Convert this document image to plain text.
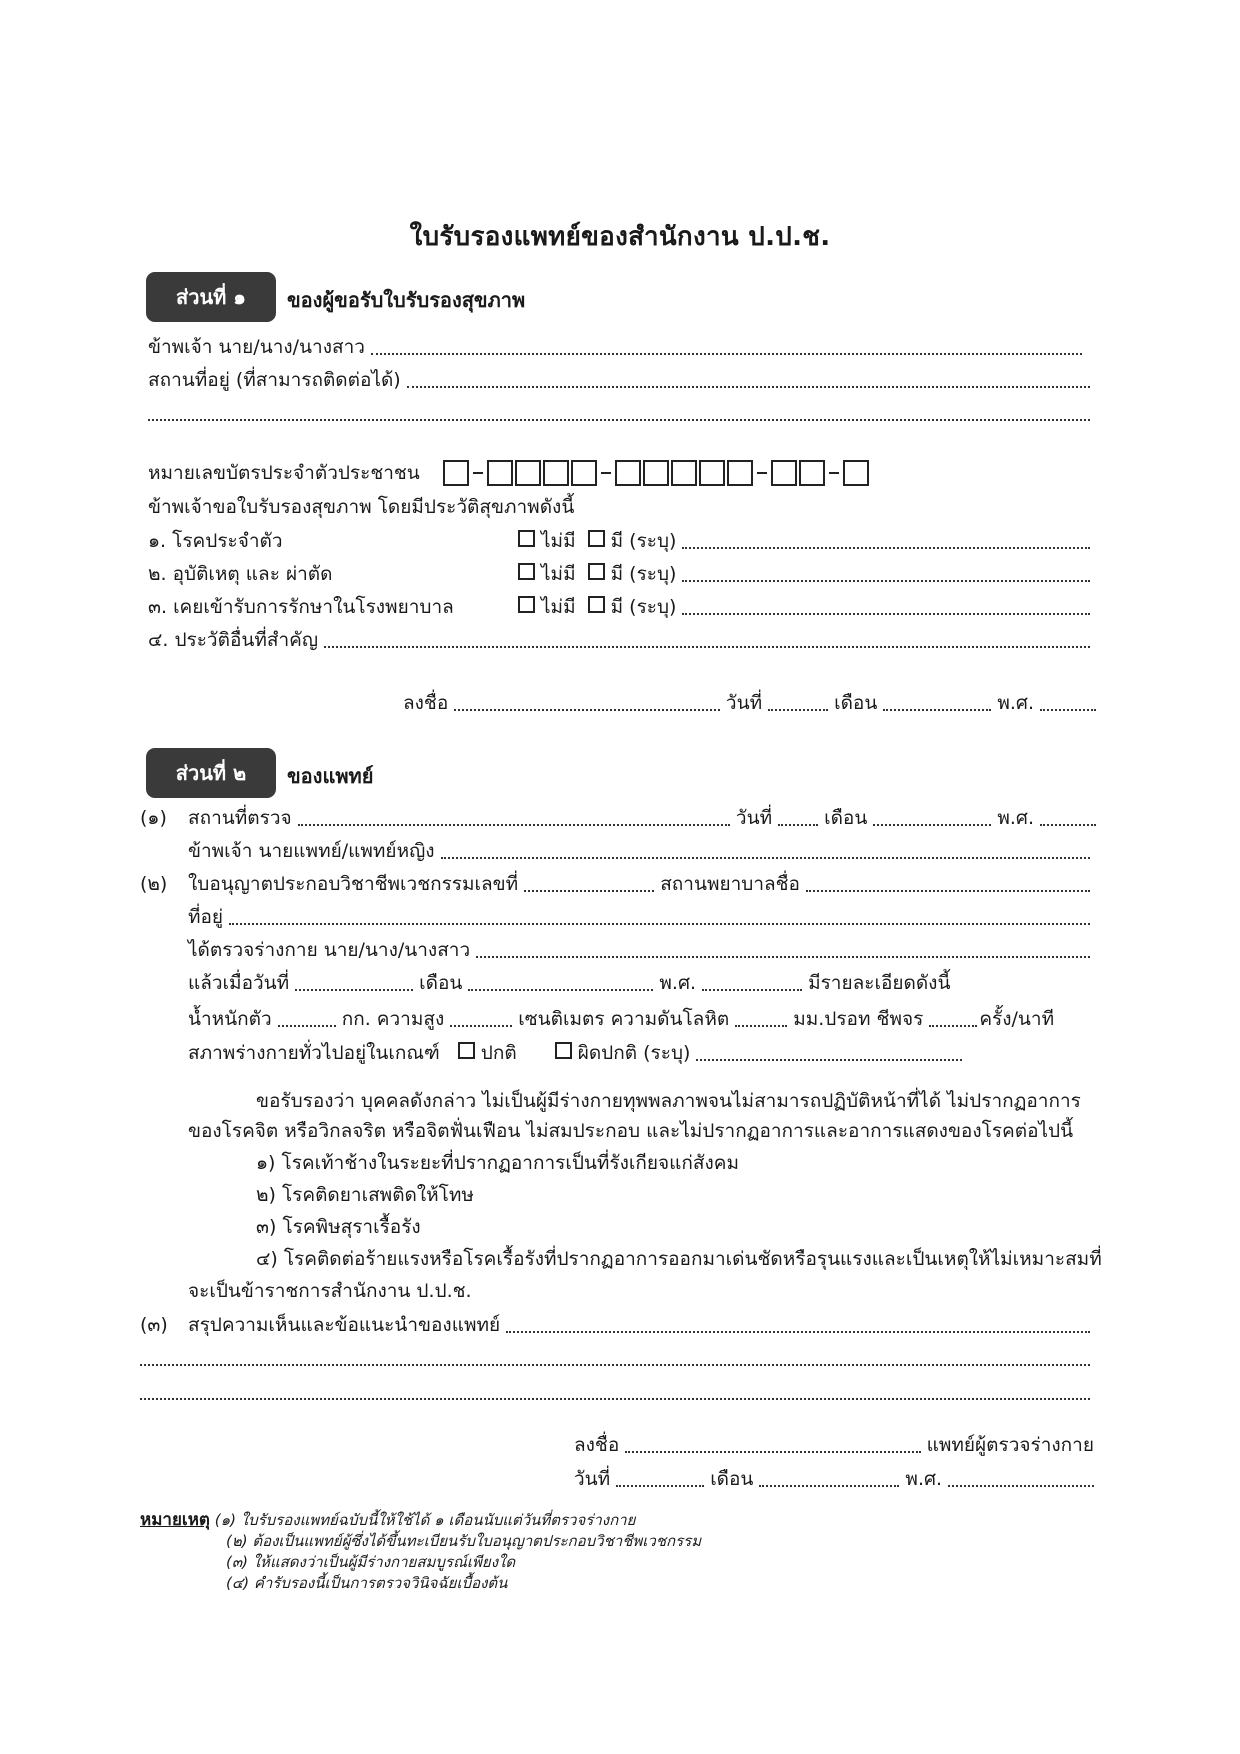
ใบรับรองแพทย์ของสำนักงาน ป.ป.ช.
ส่วนที่ ๑	ของผู้ขอรับใบรับรองสุขภาพ
ข้าพเจ้า นาย/นาง/นางสาว
สถานที่อยู่ (ที่สามารถติดต่อได้)
หมายเลขบัตรประจำตัวประชาชน
ข้าพเจ้าขอใบรับรองสุขภาพ โดยมีประวัติสุขภาพดังนี้
๑. โรคประจำตัว	ไม่มี มี (ระบุ)
๒. อุบัติเหตุ และ ผ่าตัด	ไม่มี มี (ระบุ)
๓. เคยเข้ารับการรักษาในโรงพยาบาล	ไม่มี มี (ระบุ)
๔. ประวัติอื่นที่สำคัญ
ลงชื่อ	วันที่	เดือน	พ.ศ.
ส่วนที่ ๒	ของแพทย์
(๑)	สถานที่ตรวจ	วันที่	เดือน	พ.ศ.
ข้าพเจ้า นายแพทย์/แพทย์หญิง
(๒)	ใบอนุญาตประกอบวิชาชีพเวชกรรมเลขที่	สถานพยาบาลชื่อ
ที่อยู่
ได้ตรวจร่างกาย นาย/นาง/นางสาว
แล้วเมื่อวันที่	เดือน	พ.ศ.	มีรายละเอียดดังนี้
น้ำหนักตัว	กก.
ความสูง	เซนติเมตร
ความดันโลหิต	มม.ปรอท
ชีพจร	ครั้ง/นาที
สภาพร่างกายทั่วไปอยู่ในเกณฑ์ ปกติ	ผิดปกติ (ระบุ)
ขอรับรองว่า บุคคลดังกล่าว ไม่เป็นผู้มีร่างกายทุพพลภาพจนไม่สามารถปฏิบัติหน้าที่ได้ ไม่ปรากฏอาการ
ของโรคจิต หรือวิกลจริต หรือจิตฟั่นเฟือน ไม่สมประกอบ และไม่ปรากฏอาการและอาการแสดงของโรคต่อไปนี้
๑) โรคเท้าช้างในระยะที่ปรากฏอาการเป็นที่รังเกียจแก่สังคม
๒) โรคติดยาเสพติดให้โทษ
๓) โรคพิษสุราเรื้อรัง
๔) โรคติดต่อร้ายแรงหรือโรคเรื้อรังที่ปรากฏอาการออกมาเด่นชัดหรือรุนแรงและเป็นเหตุให้ไม่เหมาะสมที่
จะเป็นข้าราชการสำนักงาน ป.ป.ช.
(๓)	สรุปความเห็นและข้อแนะนำของแพทย์
ลงชื่อ	แพทย์ผู้ตรวจร่างกาย
วันที่	เดือน	พ.ศ.
หมายเหตุ (๑) ใบรับรองแพทย์ฉบับนี้ให้ใช้ได้ ๑ เดือนนับแต่วันที่ตรวจร่างกาย
(๒) ต้องเป็นแพทย์ผู้ซึ่งได้ขึ้นทะเบียนรับใบอนุญาตประกอบวิชาชีพเวชกรรม
(๓) ให้แสดงว่าเป็นผู้มีร่างกายสมบูรณ์เพียงใด
(๔) คำรับรองนี้เป็นการตรวจวินิจฉัยเบื้องต้น
